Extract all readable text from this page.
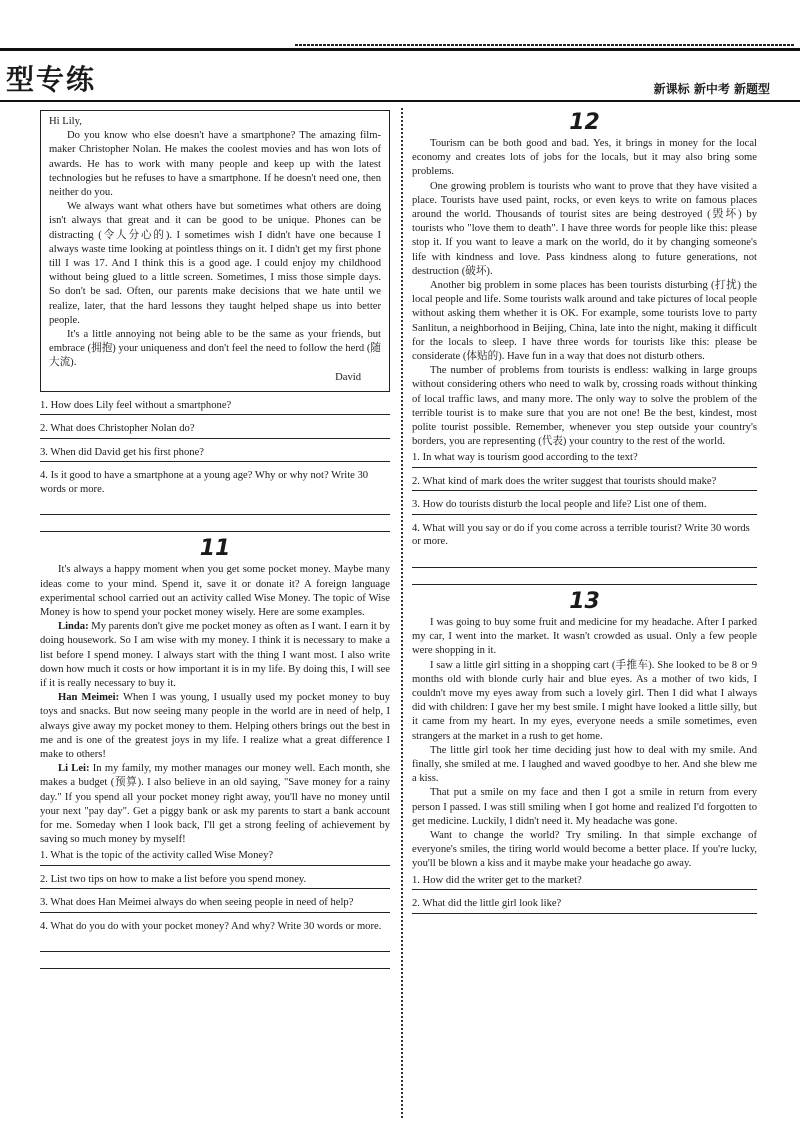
型专练	新课标 新中考 新题型

Hi Lily,

Do you know who else doesn't have a smartphone? The amazing film-maker Christopher Nolan. He makes the coolest movies and has won lots of awards. He has to work with many people and keep up with the latest technologies but he refuses to have a smartphone. If he doesn't need one, then neither do you.

We always want what others have but sometimes what others are doing isn't always that great and it can be good to be unique. Phones can be distracting (令人分心的). I sometimes wish I didn't have one because I always waste time looking at pointless things on it. I didn't get my first phone till I was 17. And I think this is a good age. I could enjoy my childhood without being glued to a little screen. Sometimes, I miss those simple days. So don't be sad. Often, our parents make decisions that we hate until we realize, later, that the hard lessons they taught helped shape us into better people.

It's a little annoying not being able to be the same as your friends, but embrace (拥抱) your uniqueness and don't feel the need to follow the herd (随大流).

David

1. How does Lily feel without a smartphone?

2. What does Christopher Nolan do?

3. When did David get his first phone?

4. Is it good to have a smartphone at a young age? Why or why not? Write 30 words or more.

11

It's always a happy moment when you get some pocket money. Maybe many ideas come to your mind. Spend it, save it or donate it? A foreign language experimental school carried out an activity called Wise Money. The topic of Wise Money is how to spend your pocket money wisely. Here are some examples.

Linda: My parents don't give me pocket money as often as I want. I earn it by doing housework. So I am wise with my money. I think it is necessary to make a list before I spend money. I always start with the thing I want most. I also write down how much it costs or how important it is in my life. By doing this, I will see if it is really necessary to buy it.

Han Meimei: When I was young, I usually used my pocket money to buy toys and snacks. But now seeing many people in the world are in need of help, I always give away my pocket money to them. Helping others brings out the best in me and is one of the greatest joys in my life. I realize what a great difference I make to others!

Li Lei: In my family, my mother manages our money well. Each month, she makes a budget (预算). I also believe in an old saying, "Save money for a rainy day." If you spend all your pocket money right away, you'll have no money until your next "pay day". Get a piggy bank or ask my parents to start a bank account for me. Someday when I look back, I'll get a strong feeling of achievement by saving so much money by myself!

1. What is the topic of the activity called Wise Money?

2. List two tips on how to make a list before you spend money.

3. What does Han Meimei always do when seeing people in need of help?

4. What do you do with your pocket money? And why? Write 30 words or more.

12

Tourism can be both good and bad. Yes, it brings in money for the local economy and creates lots of jobs for the locals, but it may also bring some problems.

One growing problem is tourists who want to prove that they have visited a place. Tourists have used paint, rocks, or even keys to write on famous places around the world. Thousands of tourist sites are being destroyed (毁坏) by tourists who "love them to death". I have three words for people like this: please stop it. If you want to leave a mark on the world, do it by changing someone's life with kindness and love. Pass kindness along to future generations, not destruction (破坏).

Another big problem in some places has been tourists disturbing (打扰) the local people and life. Some tourists walk around and take pictures of local people without asking them whether it is OK. For example, some tourists love to party Sanlitun, a neighborhood in Beijing, China, late into the night, making it difficult for the locals to sleep. I have three words for tourists like this: please be considerate (体贴的). Have fun in a way that does not disturb others.

The number of problems from tourists is endless: walking in large groups without considering others who need to walk by, crossing roads without thinking of local traffic laws, and many more. The only way to solve the problem of the terrible tourist is to make sure that you are not one! Be the best, kindest, most polite tourist possible. Remember, whenever you step outside your country's borders, you are representing (代表) your country to the rest of the world.

1. In what way is tourism good according to the text?

2. What kind of mark does the writer suggest that tourists should make?

3. How do tourists disturb the local people and life? List one of them.

4. What will you say or do if you come across a terrible tourist? Write 30 words or more.

13

I was going to buy some fruit and medicine for my headache. After I parked my car, I went into the market. It wasn't crowded as usual. Only a few people were shopping in it.

I saw a little girl sitting in a shopping cart (手推车). She looked to be 8 or 9 months old with blonde curly hair and blue eyes. As a mother of two kids, I couldn't move my eyes away from such a lovely girl. Then I did what I always did with children: I gave her my best smile. I might have looked a little silly, but it came from my heart. In my eyes, everyone needs a smile sometimes, even strangers at the market in a rush to get home.

The little girl took her time deciding just how to deal with my smile. And finally, she smiled at me. I laughed and waved goodbye to her. And she blew me a kiss.

That put a smile on my face and then I got a smile in return from every person I passed. I was still smiling when I got home and realized I'd forgotten to get medicine. Luckily, I didn't need it. My headache was gone.

Want to change the world? Try smiling. In that simple exchange of everyone's smiles, the tiring world would become a better place. If you're lucky, you'll be blown a kiss and it maybe make your headache go away.

1. How did the writer get to the market?

2. What did the little girl look like?
